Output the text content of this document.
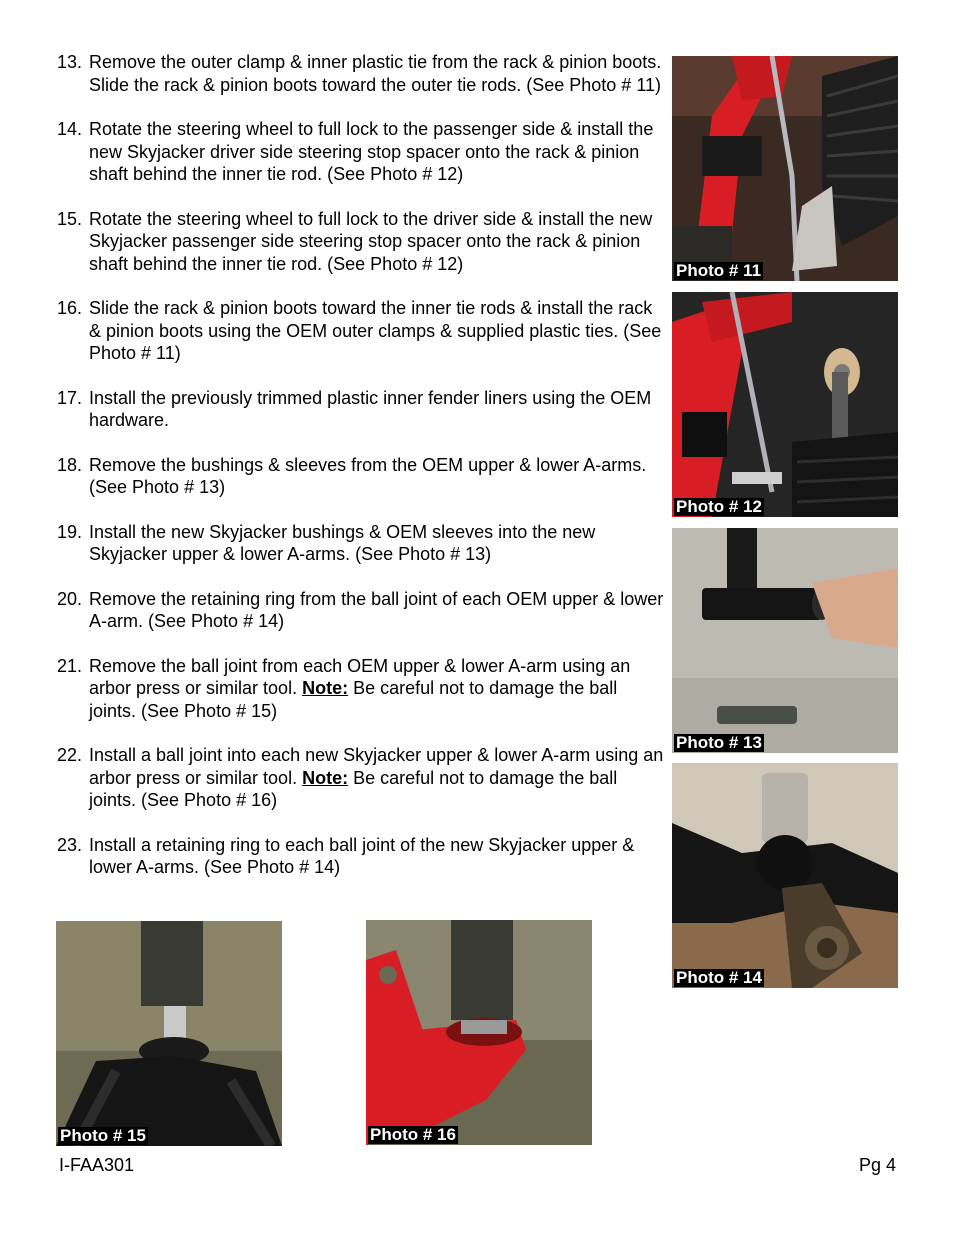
13. Remove the outer clamp & inner plastic tie from the rack & pinion boots. Slide the rack & pinion boots toward the outer tie rods. (See Photo # 11)
14. Rotate the steering wheel to full lock to the passenger side & install the new Skyjacker driver side steering stop spacer onto the rack & pinion shaft behind the inner tie rod. (See Photo # 12)
15. Rotate the steering wheel to full lock to the driver side & install the new Skyjacker passenger side steering stop spacer onto the rack & pinion shaft behind the inner tie rod. (See Photo # 12)
16. Slide the rack & pinion boots toward the inner tie rods & install the rack & pinion boots using the OEM outer clamps & supplied plastic ties. (See Photo # 11)
17. Install the previously trimmed plastic inner fender liners using the OEM hardware.
18. Remove the bushings & sleeves from the OEM upper & lower A-arms. (See Photo # 13)
19. Install the new Skyjacker bushings & OEM sleeves into the new Skyjacker upper & lower A-arms. (See Photo # 13)
20. Remove the retaining ring from the ball joint of each OEM upper & lower A-arm. (See Photo # 14)
21. Remove the ball joint from each OEM upper & lower A-arm using an arbor press or similar tool. Note: Be careful not to damage the ball joints. (See Photo # 15)
22. Install a ball joint into each new Skyjacker upper & lower A-arm using an arbor press or similar tool. Note: Be careful not to damage the ball joints. (See Photo # 16)
23. Install a retaining ring to each ball joint of the new Skyjacker upper & lower A-arms. (See Photo # 14)
Photo # 11
Photo # 12
Photo # 13
Photo # 14
Photo # 15	Photo # 16
I-FAA301	Pg 4
